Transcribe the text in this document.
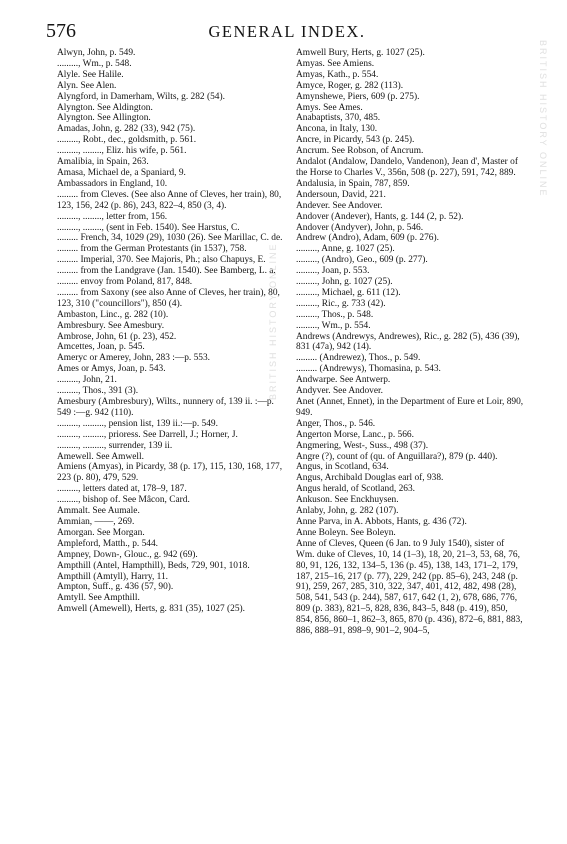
576	GENERAL INDEX.
Alwyn, John, p. 549.
........., Wm., p. 548.
Alyle. See Halile.
Alyn. See Alen.
Alyngford, in Damerham, Wilts, g. 282 (54).
Alyngton. See Aldington.
Alyngton. See Allington.
Amadas, John, g. 282 (33), 942 (75).
........., Robt., dec., goldsmith, p. 561.
........., ........, Eliz. his wife, p. 561.
Amalibia, in Spain, 263.
Amasa, Michael de, a Spaniard, 9.
Ambassadors in England, 10.
......... from Cleves. (See also Anne of Cleves, her train), 80, 123, 156, 242 (p. 86), 243, 822–4, 850 (3, 4).
........., ........, letter from, 156.
........., ........, (sent in Feb. 1540). See Harstus, C.
......... French, 34, 1029 (29), 1030 (26). See Marillac, C. de.
......... from the German Protestants (in 1537), 758.
......... Imperial, 370. See Majoris, Ph.; also Chapuys, E.
......... from the Landgrave (Jan. 1540). See Bamberg, L. a.
......... envoy from Poland, 817, 848.
......... from Saxony (see also Anne of Cleves, her train), 80, 123, 310 ("councillors"), 850 (4).
Ambaston, Linc., g. 282 (10).
Ambresbury. See Amesbury.
Ambrose, John, 61 (p. 23), 452.
Amcettes, Joan, p. 545.
Ameryc or Amerey, John, 283 :—p. 553.
Ames or Amys, Joan, p. 543.
........., John, 21.
........., Thos., 391 (3).
Amesbury (Ambresbury), Wilts., nunnery of, 139 ii. :—p. 549 :—g. 942 (110).
........., ........., pension list, 139 ii.:—p. 549.
........., ........., prioress. See Darrell, J.; Horner, J.
........., ........., surrender, 139 ii.
Amewell. See Amwell.
Amiens (Amyas), in Picardy, 38 (p. 17), 115, 130, 168, 177, 223 (p. 80), 479, 529.
........., letters dated at, 178–9, 187.
........., bishop of. See Mâcon, Card.
Ammalt. See Aumale.
Ammian, ——, 269.
Amorgan. See Morgan.
Ampleford, Matth., p. 544.
Ampney, Down-, Glouc., g. 942 (69).
Ampthill (Antel, Hampthill), Beds, 729, 901, 1018.
Ampthill (Amtyll), Harry, 11.
Ampton, Suff., g. 436 (57, 90).
Amtyll. See Ampthill.
Amwell (Amewell), Herts, g. 831 (35), 1027 (25).
Amwell Bury, Herts, g. 1027 (25).
Amyas. See Amiens.
Amyas, Kath., p. 554.
Amyce, Roger, g. 282 (113).
Amynshewe, Piers, 609 (p. 275).
Amys. See Ames.
Anabaptists, 370, 485.
Ancona, in Italy, 130.
Ancre, in Picardy, 543 (p. 245).
Ancrum. See Robson, of Ancrum.
Andalot (Andalow, Dandelo, Vandenon), Jean d', Master of the Horse to Charles V., 356n, 508 (p. 227), 591, 742, 889.
Andalusia, in Spain, 787, 859.
Andersoun, David, 221.
Andever. See Andover.
Andover (Andever), Hants, g. 144 (2, p. 52).
Andover (Andyver), John, p. 546.
Andrew (Andro), Adam, 609 (p. 276).
........., Anne, g. 1027 (25).
........., (Andro), Geo., 609 (p. 277).
........., Joan, p. 553.
........., John, g. 1027 (25).
........., Michael, g. 611 (12).
........., Ric., g. 733 (42).
........., Thos., p. 548.
........., Wm., p. 554.
Andrews (Andrewys, Andrewes), Ric., g. 282 (5), 436 (39), 831 (47a), 942 (14).
......... (Andrewez), Thos., p. 549.
......... (Andrewys), Thomasina, p. 543.
Andwarpe. See Antwerp.
Andyver. See Andover.
Anet (Annet, Ennet), in the Department of Eure et Loir, 890, 949.
Anger, Thos., p. 546.
Angerton Morse, Lanc., p. 566.
Angmering, West-, Suss., 498 (37).
Angre (?), count of (qu. of Anguillara?), 879 (p. 440).
Angus, in Scotland, 634.
Angus, Archibald Douglas earl of, 938.
Angus herald, of Scotland, 263.
Ankuson. See Enckhuysen.
Anlaby, John, g. 282 (107).
Anne Parva, in A. Abbots, Hants, g. 436 (72).
Anne Boleyn. See Boleyn.
Anne of Cleves, Queen (6 Jan. to 9 July 1540), sister of Wm. duke of Cleves, 10, 14 (1–3), 18, 20, 21–3, 53, 68, 76, 80, 91, 126, 132, 134–5, 136 (p. 45), 138, 143, 171–2, 179, 187, 215–16, 217 (p. 77), 229, 242 (pp. 85–6), 243, 248 (p. 91), 259, 267, 285, 310, 322, 347, 401, 412, 482, 498 (28), 508, 541, 543 (p. 244), 587, 617, 642 (1, 2), 678, 686, 776, 809 (p. 383), 821–5, 828, 836, 843–5, 848 (p. 419), 850, 854, 856, 860–1, 862–3, 865, 870 (p. 436), 872–6, 881, 883, 886, 888–91, 898–9, 901–2, 904–5,
BRITISH HISTORY ONLINE
BRITISH HISTORY ONLINE
